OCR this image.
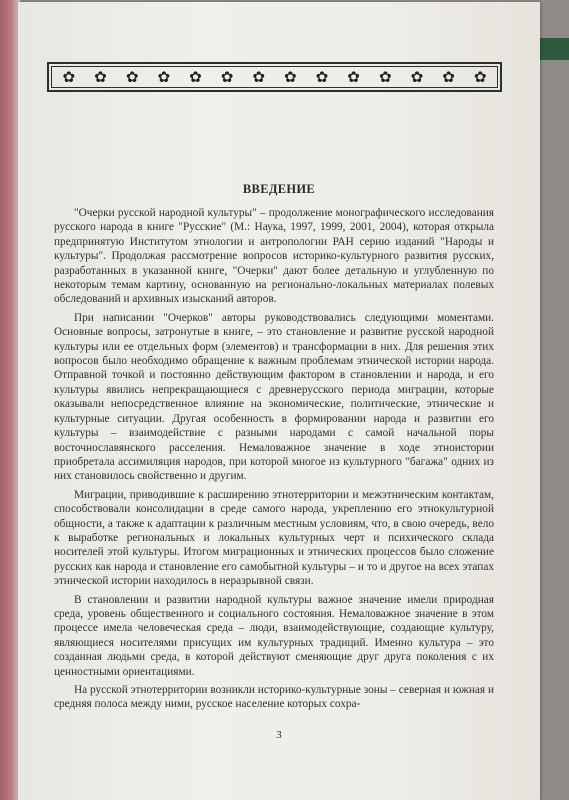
✿ ✿ ✿ ✿ ✿ ✿ ✿ ✿ ✿ ✿ ✿ ✿ ✿ ✿
ВВЕДЕНИЕ

"Очерки русской народной культуры" – продолжение монографического исследования русского народа в книге "Русские" (М.: Наука, 1997, 1999, 2001, 2004), которая открыла предпринятую Институтом этнологии и антропологии РАН серию изданий "Народы и культуры". Продолжая рассмотрение вопросов историко-культурного развития русских, разработанных в указанной книге, "Очерки" дают более детальную и углубленную по некоторым темам картину, основанную на регионально-локальных материалах полевых обследований и архивных изысканий авторов.

При написании "Очерков" авторы руководствовались следующими моментами. Основные вопросы, затронутые в книге, – это становление и развитие русской народной культуры или ее отдельных форм (элементов) и трансформации в них. Для решения этих вопросов было необходимо обращение к важным проблемам этнической истории народа. Отправной точкой и постоянно действующим фактором в становлении и народа, и его культуры явились непрекращающиеся с древнерусского периода миграции, которые оказывали непосредственное влияние на экономические, политические, этнические и культурные ситуации. Другая особенность в формировании народа и развитии его культуры – взаимодействие с разными народами с самой начальной поры восточнославянского расселения. Немаловажное значение в ходе этноистории приобретала ассимиляция народов, при которой многое из культурного "багажа" одних из них становилось свойственно и другим.

Миграции, приводившие к расширению этнотерритории и межэтническим контактам, способствовали консолидации в среде самого народа, укреплению его этнокультурной общности, а также к адаптации к различным местным условиям, что, в свою очередь, вело к выработке региональных и локальных культурных черт и психического склада носителей этой культуры. Итогом миграционных и этнических процессов было сложение русских как народа и становление его самобытной культуры – и то и другое на всех этапах этнической истории находилось в неразрывной связи.

В становлении и развитии народной культуры важное значение имели природная среда, уровень общественного и социального состояния. Немаловажное значение в этом процессе имела человеческая среда – люди, взаимодействующие, создающие культуру, являющиеся носителями присущих им культурных традиций. Именно культура – это созданная людьми среда, в которой действуют сменяющие друг друга поколения с их ценностными ориентациями.

На русской этнотерритории возникли историко-культурные зоны – северная и южная и средняя полоса между ними, русское население которых сохра-

3
